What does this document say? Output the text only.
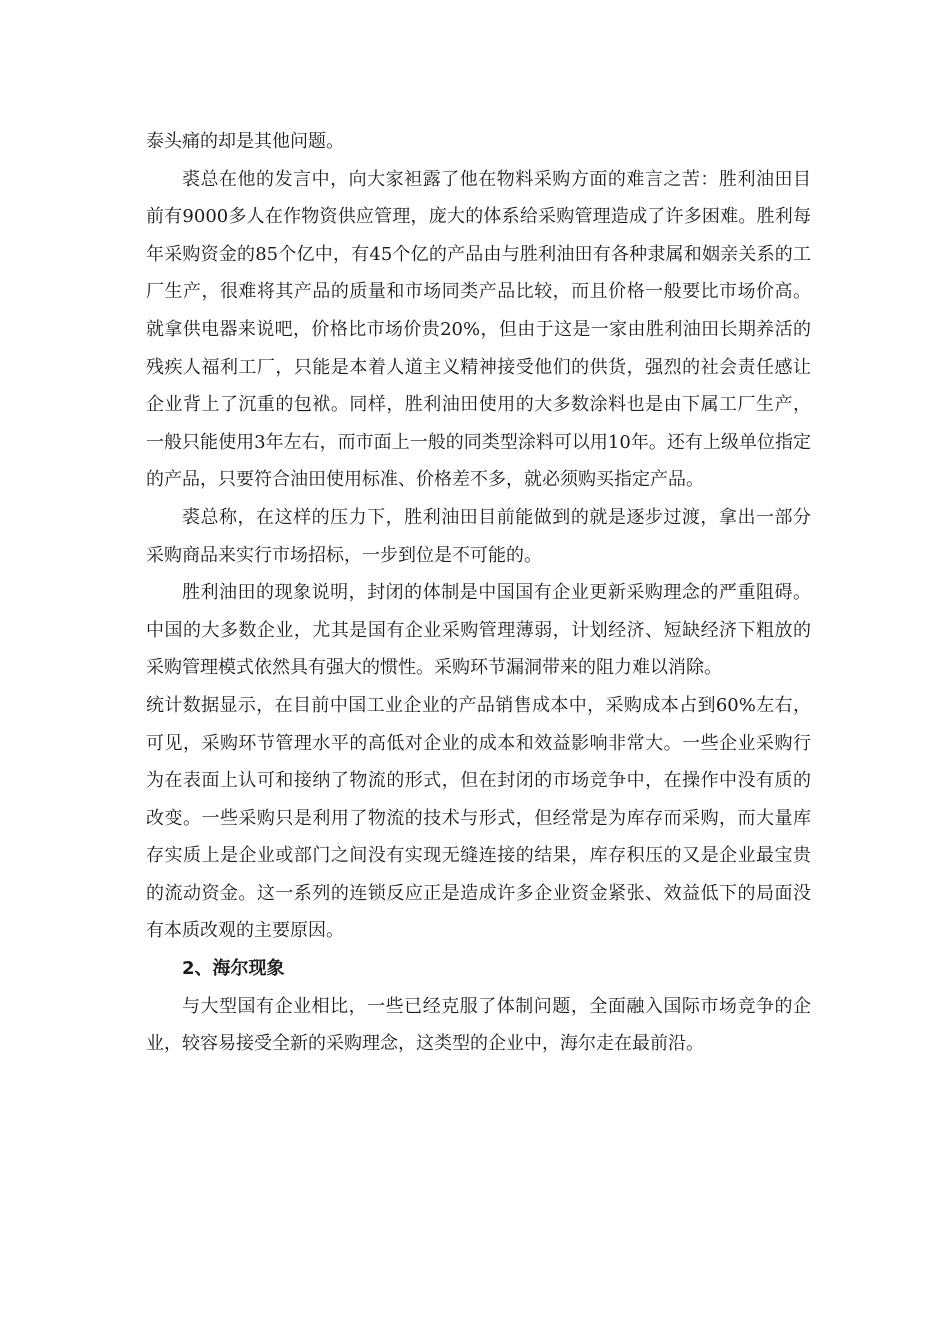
泰头痛的却是其他问题。

裘总在他的发言中，向大家袒露了他在物料采购方面的难言之苦：胜利油田目前有9000多人在作物资供应管理，庞大的体系给采购管理造成了许多困难。胜利每年采购资金的85个亿中，有45个亿的产品由与胜利油田有各种隶属和姻亲关系的工厂生产，很难将其产品的质量和市场同类产品比较，而且价格一般要比市场价高。就拿供电器来说吧，价格比市场价贵20%，但由于这是一家由胜利油田长期养活的残疾人福利工厂，只能是本着人道主义精神接受他们的供货，强烈的社会责任感让企业背上了沉重的包袱。同样，胜利油田使用的大多数涂料也是由下属工厂生产，一般只能使用3年左右，而市面上一般的同类型涂料可以用10年。还有上级单位指定的产品，只要符合油田使用标准、价格差不多，就必须购买指定产品。

裘总称，在这样的压力下，胜利油田目前能做到的就是逐步过渡，拿出一部分采购商品来实行市场招标，一步到位是不可能的。

胜利油田的现象说明，封闭的体制是中国国有企业更新采购理念的严重阻碍。中国的大多数企业，尤其是国有企业采购管理薄弱，计划经济、短缺经济下粗放的采购管理模式依然具有强大的惯性。采购环节漏洞带来的阻力难以消除。

统计数据显示，在目前中国工业企业的产品销售成本中，采购成本占到60%左右，可见，采购环节管理水平的高低对企业的成本和效益影响非常大。一些企业采购行为在表面上认可和接纳了物流的形式，但在封闭的市场竞争中，在操作中没有质的改变。一些采购只是利用了物流的技术与形式，但经常是为库存而采购，而大量库存实质上是企业或部门之间没有实现无缝连接的结果，库存积压的又是企业最宝贵的流动资金。这一系列的连锁反应正是造成许多企业资金紧张、效益低下的局面没有本质改观的主要原因。

2、海尔现象

与大型国有企业相比，一些已经克服了体制问题，全面融入国际市场竞争的企业，较容易接受全新的采购理念，这类型的企业中，海尔走在最前沿。
